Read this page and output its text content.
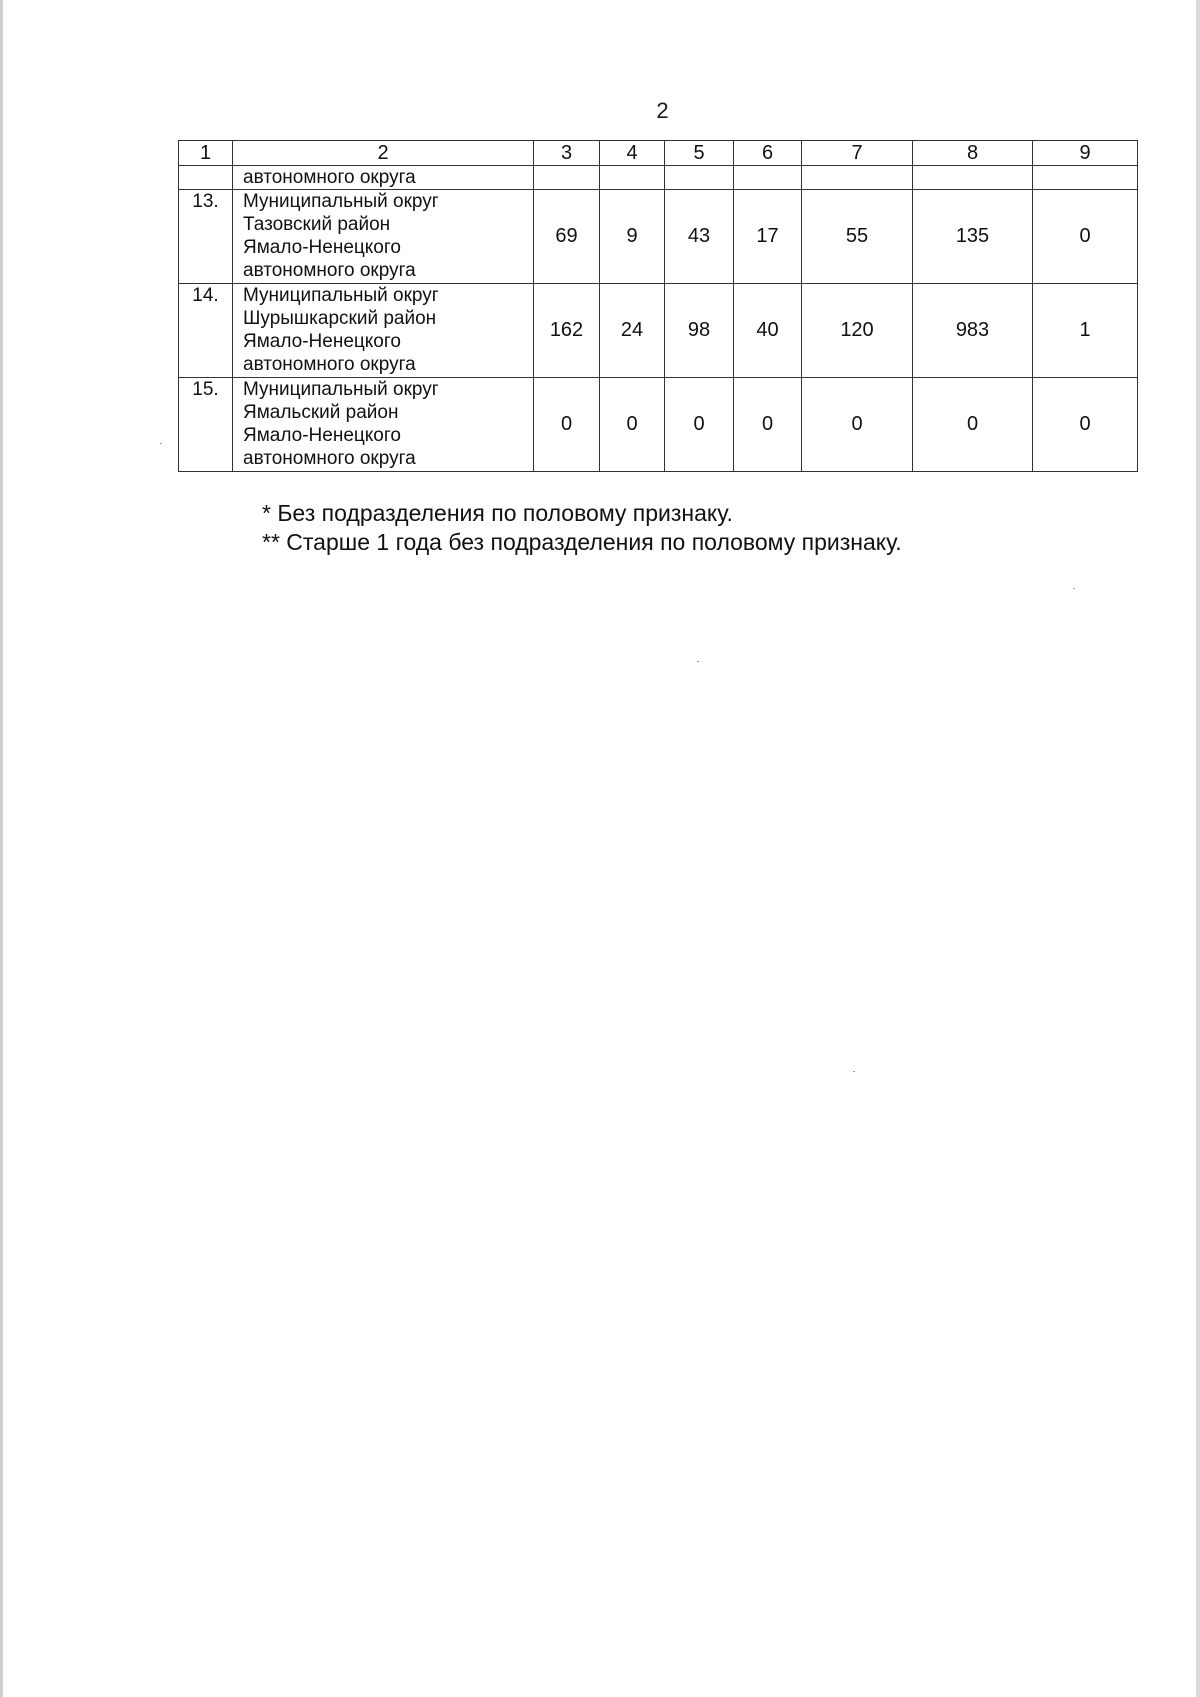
2
1	2	3	4	5	6	7	8	9

	автономного округа							

13.	Муниципальный округ
Тазовский район
Ямало-Ненецкого
автономного округа	69	9	43	17	55	135	0
14.	Муниципальный округ
Шурышкарский район
Ямало-Ненецкого
автономного округа	162	24	98	40	120	983	1
15.	Муниципальный округ
Ямальский район
Ямало-Ненецкого
автономного округа	0	0	0	0	0	0	0
* Без подразделения по половому признаку.
** Старше 1 года без подразделения по половому признаку.
